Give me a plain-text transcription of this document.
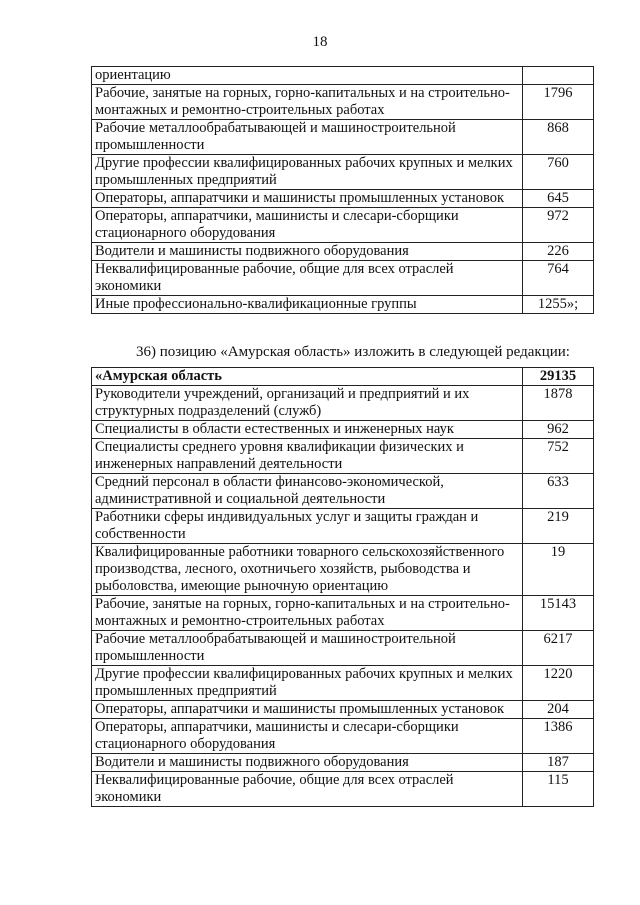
18
ориентацию	
Рабочие, занятые на горных, горно-капитальных и на строительно-монтажных и ремонтно-строительных работах	1796
Рабочие металлообрабатывающей и машиностроительной промышленности	868
Другие профессии квалифицированных рабочих крупных и мелких промышленных предприятий	760
Операторы, аппаратчики и машинисты промышленных установок	645
Операторы, аппаратчики, машинисты и слесари-сборщики стационарного оборудования	972
Водители и машинисты подвижного оборудования	226
Неквалифицированные рабочие, общие для всех отраслей экономики	764
Иные профессионально-квалификационные группы	1255»;
36) позицию «Амурская область» изложить в следующей редакции:
«Амурская область	29135
Руководители учреждений, организаций и предприятий и их структурных подразделений (служб)	1878
Специалисты в области естественных и инженерных наук	962
Специалисты среднего уровня квалификации физических и инженерных направлений деятельности	752
Средний персонал в области финансово-экономической, административной и социальной деятельности	633
Работники сферы индивидуальных услуг и защиты граждан и собственности	219
Квалифицированные работники товарного сельскохозяйственного производства, лесного, охотничьего хозяйств, рыбоводства и рыболовства, имеющие рыночную ориентацию	19
Рабочие, занятые на горных, горно-капитальных и на строительно-монтажных и ремонтно-строительных работах	15143
Рабочие металлообрабатывающей и машиностроительной промышленности	6217
Другие профессии квалифицированных рабочих крупных и мелких промышленных предприятий	1220
Операторы, аппаратчики и машинисты промышленных установок	204
Операторы, аппаратчики, машинисты и слесари-сборщики стационарного оборудования	1386
Водители и машинисты подвижного оборудования	187
Неквалифицированные рабочие, общие для всех отраслей экономики	115
